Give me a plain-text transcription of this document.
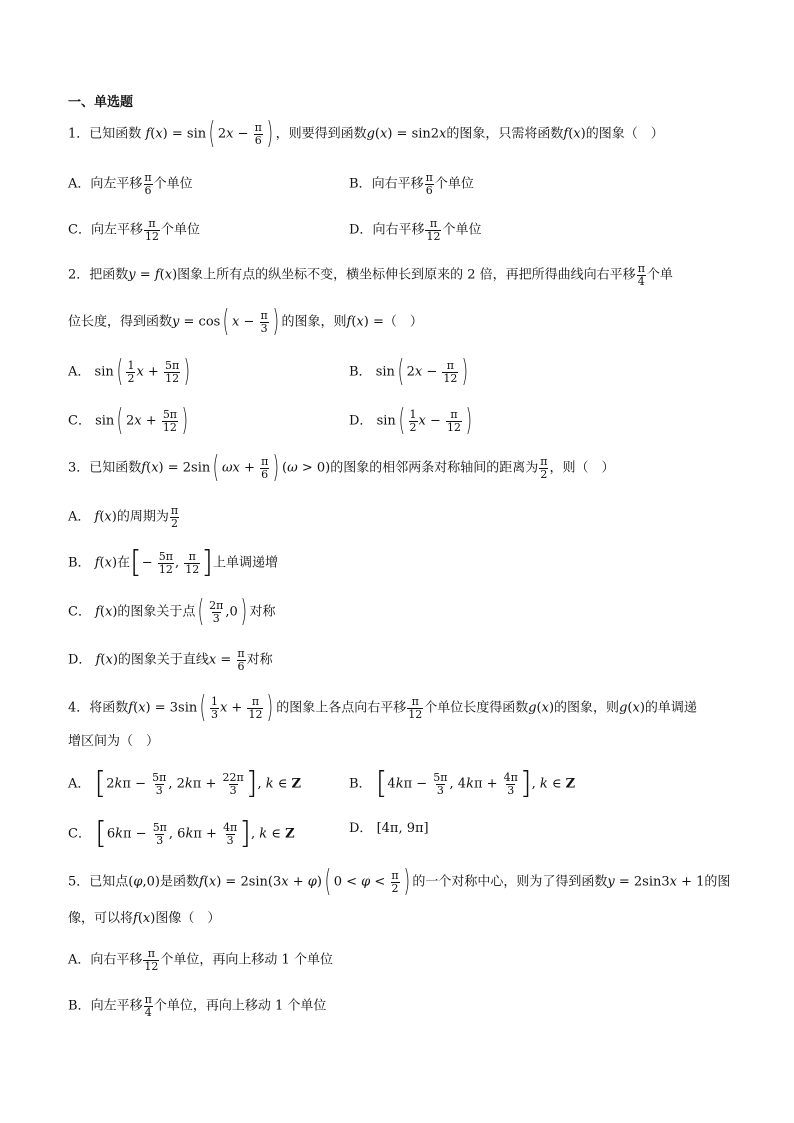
一、单选题
1．已知函数 f(x) = sin( $2x - \frac{\pi}{6}$ ) ，则要得到函数g(x) = sin2x的图象，只需将函数f(x)的图象（　）
A．向左平移 $\frac{\pi}{6}$ 个单位	B．向右平移 $\frac{\pi}{6}$ 个单位
C．向左平移 $\frac{\pi}{12}$ 个单位	D．向右平移 $\frac{\pi}{12}$ 个单位
2．把函数y = f(x)图象上所有点的纵坐标不变，横坐标伸长到原来的 2 倍，再把所得曲线向右平移 $\frac{\pi}{4}$ 个单
位长度，得到函数y = cos( $x - \frac{\pi}{3}$ ) 的图象，则f(x) =（　）
A． $\sin( \frac{1}{2}$ $x + \frac{5\pi}{12}$ )	B． sin( $2x - \frac{\pi}{12}$ )
C． sin( $2x + \frac{5\pi}{12}$ )	D． $\sin( \frac{1}{2}$ $x - \frac{\pi}{12}$ )
3．已知函数f(x) = 2sin( $\omega x + \frac{\pi}{6}$ ) (ω > 0)的图象的相邻两条对称轴间的距离为 $\frac{\pi}{2}$ ，则（　）
A． f(x)的周期为 $\frac{\pi}{2}$
B． f(x)在[− $\frac{5\pi}{12}$ , $\frac{\pi}{12}$ ]上单调递增
C． f(x)的图象关于点( $\frac{2\pi}{3} ,0$) 对称
D． f(x)的图象关于直线$x = \frac{\pi}{6}$ 对称
4．将函数$f(x) = 3\sin( \frac{1}{3}$ $x + \frac{\pi}{12}$ ) 的图象上各点向右平移 $\frac{\pi}{12}$ 个单位长度得函数g(x)的图象，则g(x)的单调递
增区间为（　）
A． [$2k\pi - \frac{5\pi}{3}$ , $2k\pi + \frac{22\pi}{3}$ ], k ∈ Z	B． [$4k\pi - \frac{5\pi}{3}$ , $4k\pi + \frac{4\pi}{3}$ ], k ∈ Z
C． [$6k\pi - \frac{5\pi}{3}$ , $6k\pi + \frac{4\pi}{3}$ ], k ∈ Z	D． [4π, 9π]
5．已知点(φ,0)是函数f(x) = 2sin(3x + φ)( $0 < \varphi < \frac{\pi}{2}$ ) 的一个对称中心，则为了得到函数y = 2sin3x + 1的图
像，可以将f(x)图像（　）
A．向右平移 $\frac{\pi}{12}$ 个单位，再向上移动 1 个单位
B．向左平移 $\frac{\pi}{4}$ 个单位，再向上移动 1 个单位
